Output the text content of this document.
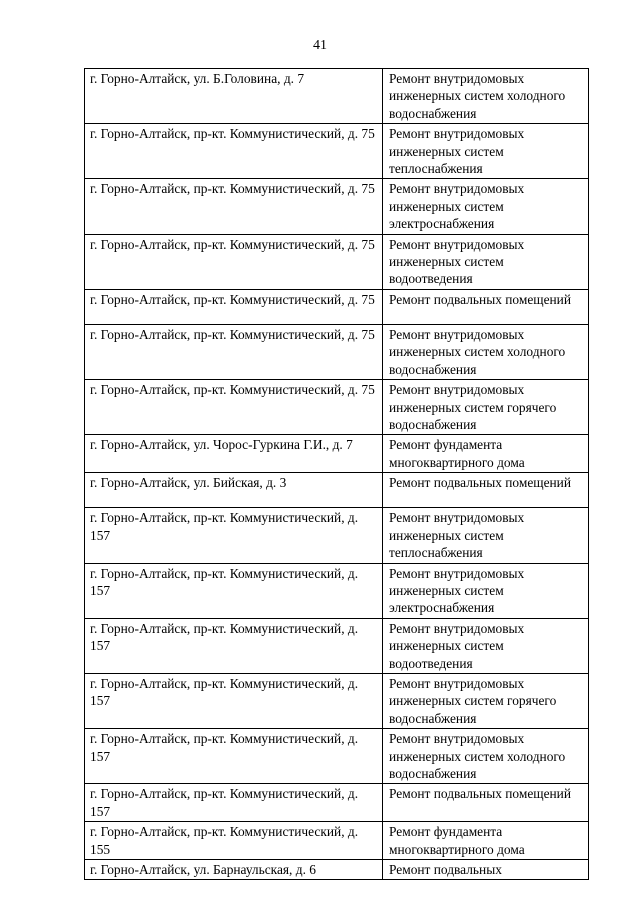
41
г. Горно-Алтайск, ул. Б.Головина, д. 7	Ремонт внутридомовых инженерных систем холодного водоснабжения
г. Горно-Алтайск, пр-кт. Коммунистический, д. 75	Ремонт внутридомовых инженерных систем теплоснабжения
г. Горно-Алтайск, пр-кт. Коммунистический, д. 75	Ремонт внутридомовых инженерных систем электроснабжения
г. Горно-Алтайск, пр-кт. Коммунистический, д. 75	Ремонт внутридомовых инженерных систем водоотведения
г. Горно-Алтайск, пр-кт. Коммунистический, д. 75	Ремонт подвальных помещений
г. Горно-Алтайск, пр-кт. Коммунистический, д. 75	Ремонт внутридомовых инженерных систем холодного водоснабжения
г. Горно-Алтайск, пр-кт. Коммунистический, д. 75	Ремонт внутридомовых инженерных систем горячего водоснабжения
г. Горно-Алтайск, ул. Чорос-Гуркина Г.И., д. 7	Ремонт фундамента многоквартирного дома
г. Горно-Алтайск, ул. Бийская, д. 3	Ремонт подвальных помещений
г. Горно-Алтайск, пр-кт. Коммунистический, д. 157	Ремонт внутридомовых инженерных систем теплоснабжения
г. Горно-Алтайск, пр-кт. Коммунистический, д. 157	Ремонт внутридомовых инженерных систем электроснабжения
г. Горно-Алтайск, пр-кт. Коммунистический, д. 157	Ремонт внутридомовых инженерных систем водоотведения
г. Горно-Алтайск, пр-кт. Коммунистический, д. 157	Ремонт внутридомовых инженерных систем горячего водоснабжения
г. Горно-Алтайск, пр-кт. Коммунистический, д. 157	Ремонт внутридомовых инженерных систем холодного водоснабжения
г. Горно-Алтайск, пр-кт. Коммунистический, д. 157	Ремонт подвальных помещений
г. Горно-Алтайск, пр-кт. Коммунистический, д. 155	Ремонт фундамента многоквартирного дома
г. Горно-Алтайск, ул. Барнаульская, д. 6	Ремонт подвальных
